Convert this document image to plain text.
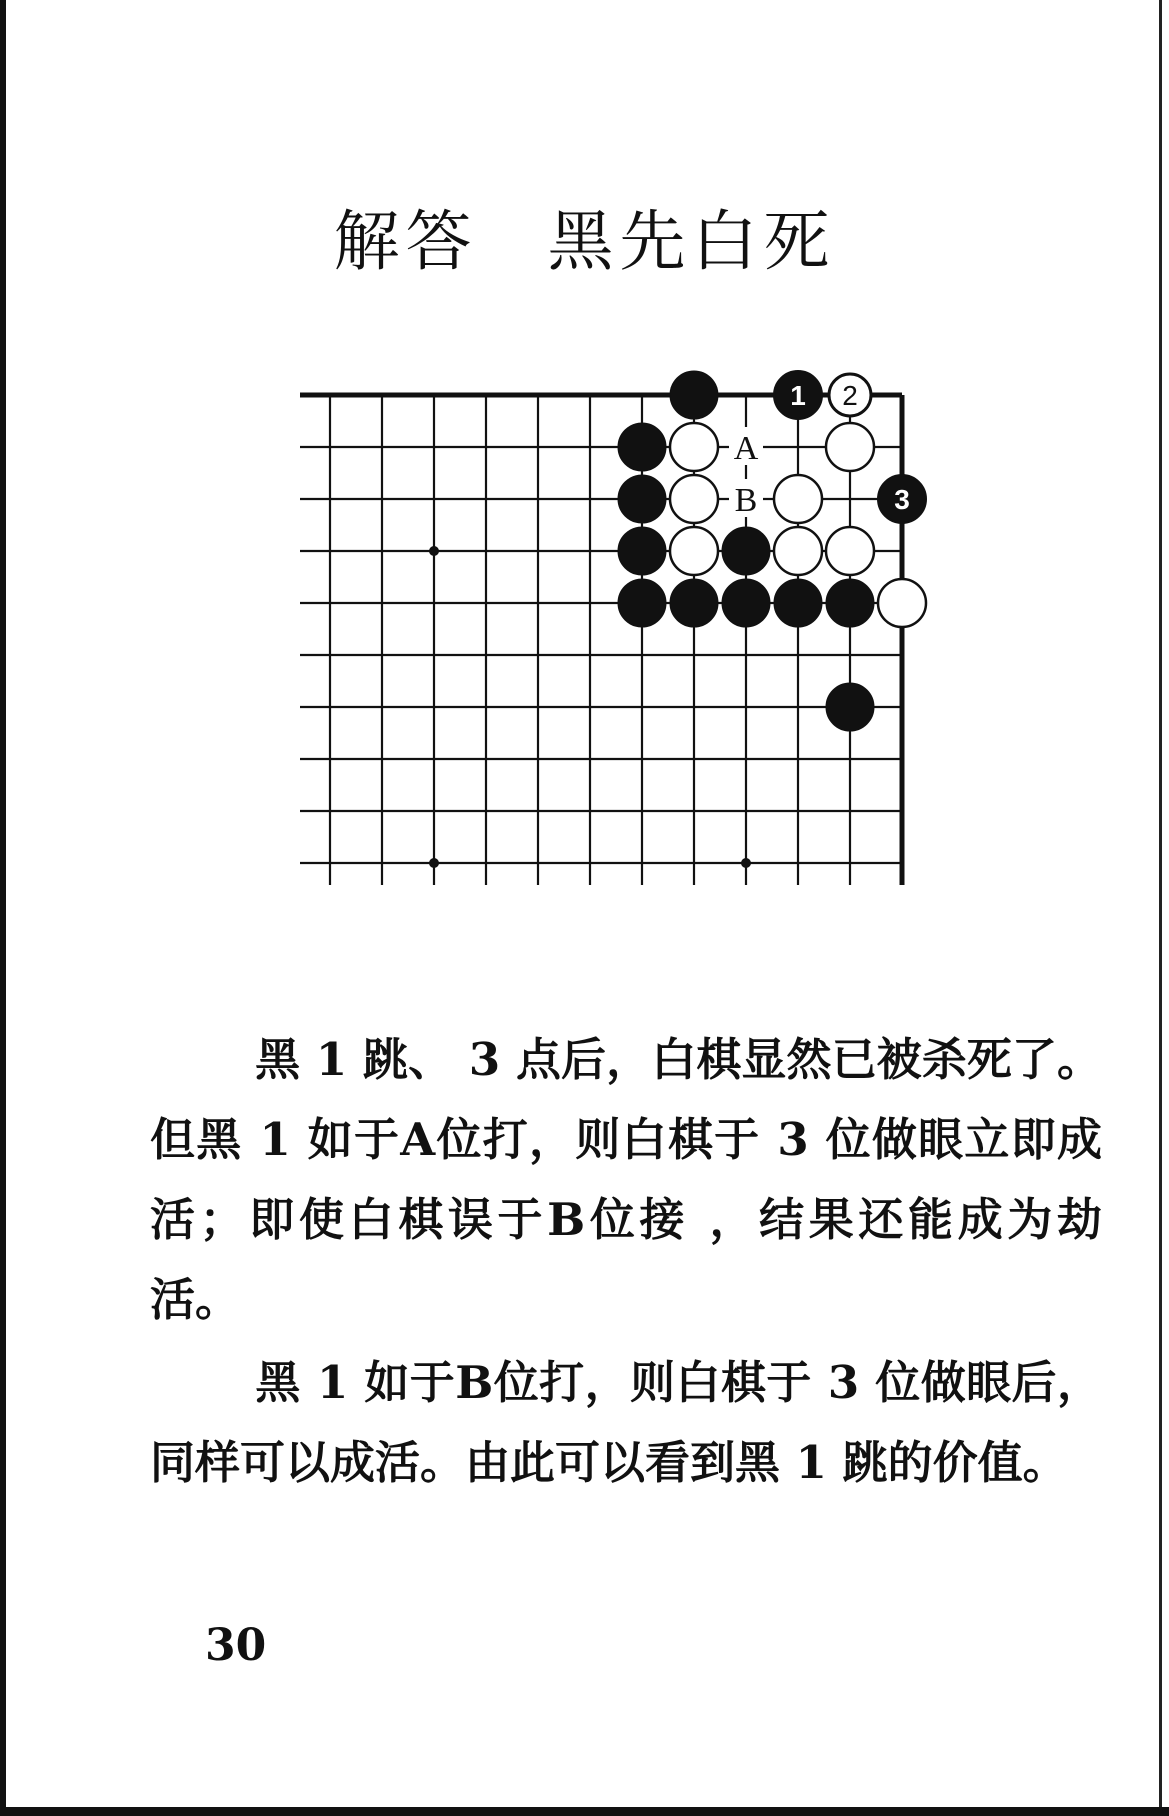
解答 黑先白死
A
B
1 2
3

黑 1 跳、 3 点后，白棋显然已被杀死了。但黑 1 如于A位打，则白棋于 3 位做眼立即成活；即使白棋误于B位接 ，结果还能成为劫活。

黑 1 如于B位打，则白棋于 3 位做眼后，同样可以成活。由此可以看到黑 1 跳的价值。

30
